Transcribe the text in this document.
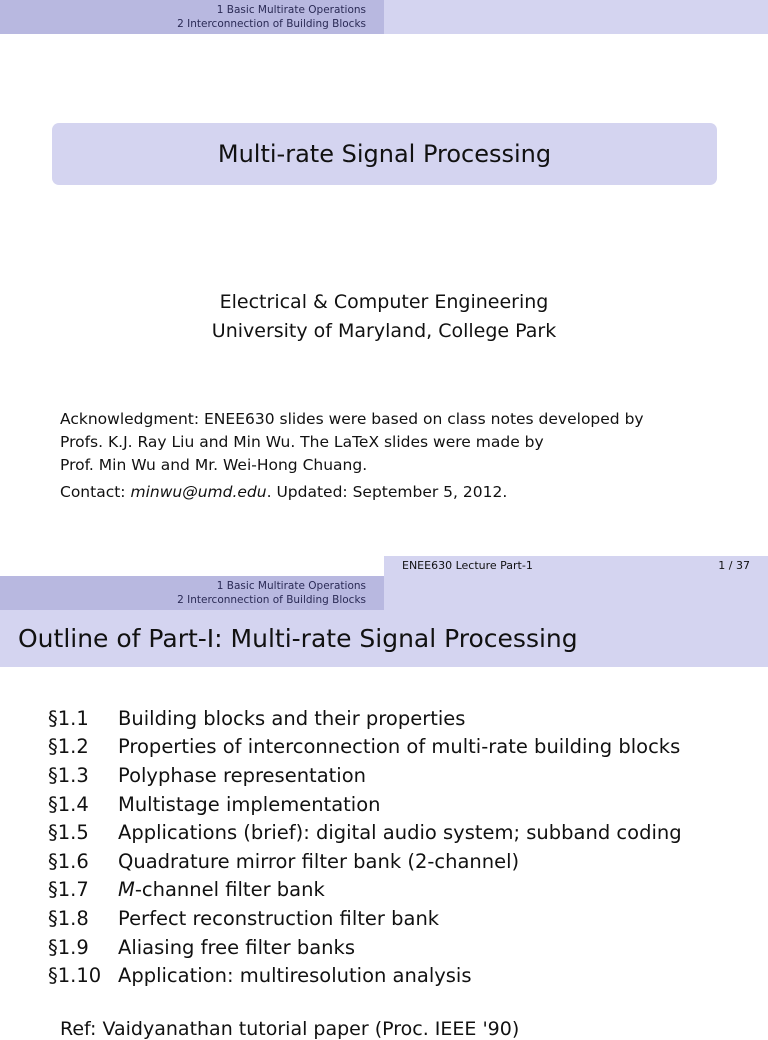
1 Basic Multirate Operations
2 Interconnection of Building Blocks
Multi-rate Signal Processing
Electrical & Computer Engineering
University of Maryland, College Park
Acknowledgment: ENEE630 slides were based on class notes developed by
Profs. K.J. Ray Liu and Min Wu. The LaTeX slides were made by
Prof. Min Wu and Mr. Wei-Hong Chuang.
Contact: minwu@umd.edu. Updated: September 5, 2012.
ENEE630 Lecture Part-1	1 / 37
1 Basic Multirate Operations
2 Interconnection of Building Blocks
Outline of Part-I: Multi-rate Signal Processing
§1.1	Building blocks and their properties
§1.2	Properties of interconnection of multi-rate building blocks
§1.3	Polyphase representation
§1.4	Multistage implementation
§1.5	Applications (brief): digital audio system; subband coding
§1.6	Quadrature mirror filter bank (2-channel)
§1.7	M-channel filter bank
§1.8	Perfect reconstruction filter bank
§1.9	Aliasing free filter banks
§1.10 Application: multiresolution analysis
Ref: Vaidyanathan tutorial paper (Proc. IEEE '90)
